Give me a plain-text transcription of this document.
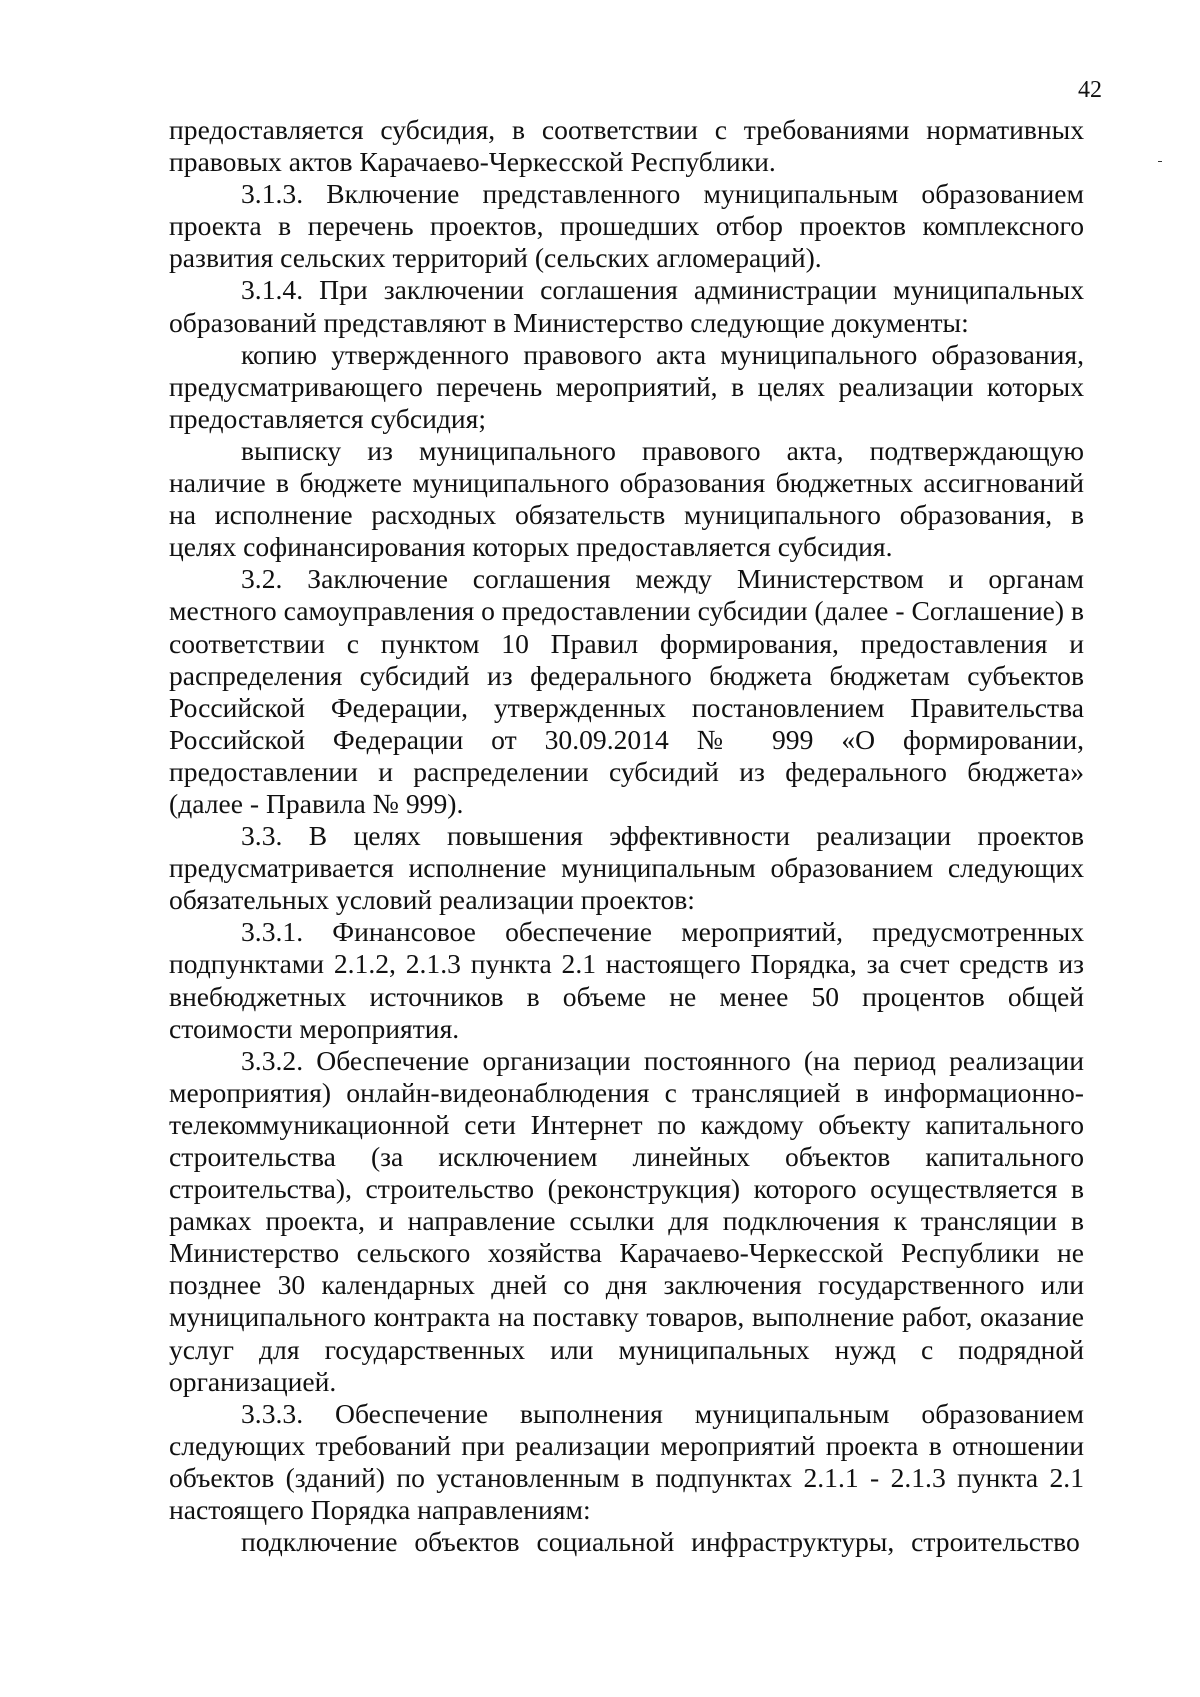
42

предоставляется субсидия, в соответствии с требованиями нормативных правовых актов Карачаево-Черкесской Республики.

3.1.3. Включение представленного муниципальным образованием проекта в перечень проектов, прошедших отбор проектов комплексного развития сельских территорий (сельских агломераций).

3.1.4. При заключении соглашения администрации муниципальных образований представляют в Министерство следующие документы:

копию утвержденного правового акта муниципального образования, предусматривающего перечень мероприятий, в целях реализации которых предоставляется субсидия;

выписку из муниципального правового акта, подтверждающую наличие в бюджете муниципального образования бюджетных ассигнований на исполнение расходных обязательств муниципального образования, в целях софинансирования которых предоставляется субсидия.

3.2. Заключение соглашения между Министерством и органам местного самоуправления о предоставлении субсидии (далее - Соглашение) в соответствии с пунктом 10 Правил формирования, предоставления и распределения субсидий из федерального бюджета бюджетам субъектов Российской Федерации, утвержденных постановлением Правительства Российской Федерации от 30.09.2014 № 999 «О формировании, предоставлении и распределении субсидий из федерального бюджета» (далее - Правила № 999).

3.3. В целях повышения эффективности реализации проектов предусматривается исполнение муниципальным образованием следующих обязательных условий реализации проектов:

3.3.1. Финансовое обеспечение мероприятий, предусмотренных подпунктами 2.1.2, 2.1.3 пункта 2.1 настоящего Порядка, за счет средств из внебюджетных источников в объеме не менее 50 процентов общей стоимости мероприятия.

3.3.2. Обеспечение организации постоянного (на период реализации мероприятия) онлайн-видеонаблюдения с трансляцией в информационно-телекоммуникационной сети Интернет по каждому объекту капитального строительства (за исключением линейных объектов капитального строительства), строительство (реконструкция) которого осуществляется в рамках проекта, и направление ссылки для подключения к трансляции в Министерство сельского хозяйства Карачаево-Черкесской Республики не позднее 30 календарных дней со дня заключения государственного или муниципального контракта на поставку товаров, выполнение работ, оказание услуг для государственных или муниципальных нужд с подрядной организацией.

3.3.3. Обеспечение выполнения муниципальным образованием следующих требований при реализации мероприятий проекта в отношении объектов (зданий) по установленным в подпунктах 2.1.1 - 2.1.3 пункта 2.1 настоящего Порядка направлениям:

подключение объектов социальной инфраструктуры, строительство
